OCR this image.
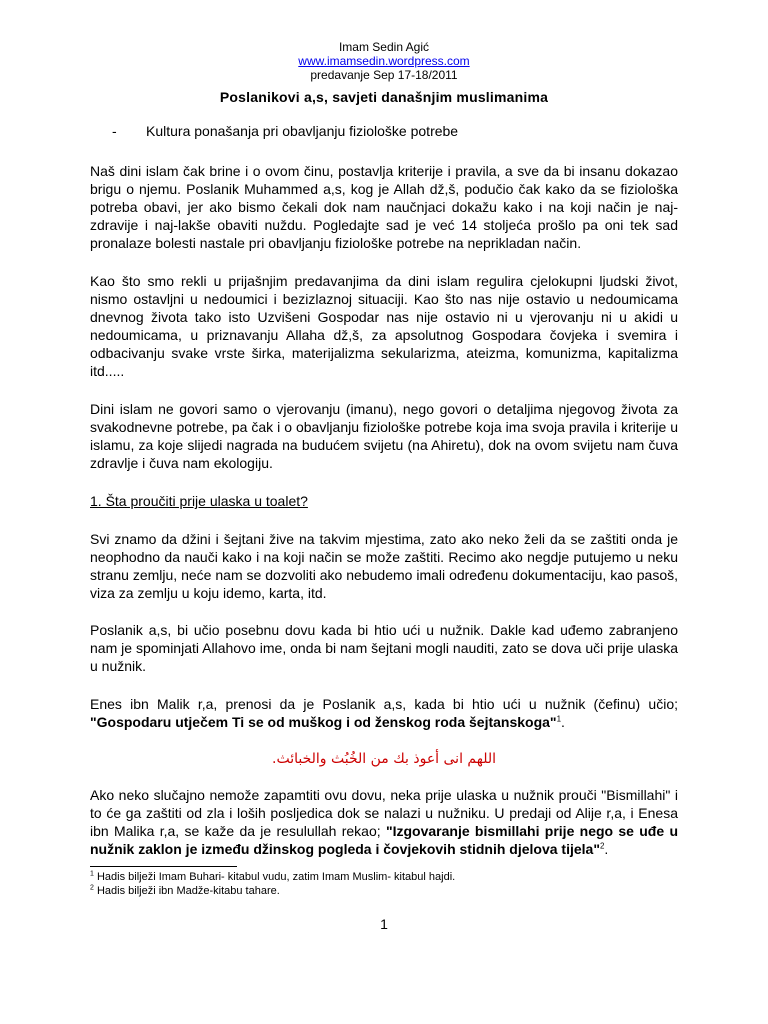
Imam Sedin Agić
www.imamsedin.wordpress.com
predavanje Sep 17-18/2011
Poslanikovi a,s, savjeti današnjim muslimanima
- Kultura ponašanja pri obavljanju fiziološke potrebe

Naš dini islam čak brine i o ovom činu, postavlja kriterije i pravila, a sve da bi insanu dokazao brigu o njemu. Poslanik Muhammed a,s, kog je Allah dž,š, podučio čak kako da se fiziološka potreba obavi, jer ako bismo čekali dok nam naučnjaci dokažu kako i na koji način je naj-zdravije i naj-lakše obaviti nuždu. Pogledajte sad je već 14 stoljeća prošlo pa oni tek sad pronalaze bolesti nastale pri obavljanju fiziološke potrebe na neprikladan način.

Kao što smo rekli u prijašnjim predavanjima da dini islam regulira cjelokupni ljudski život, nismo ostavljni u nedoumici i bezizlaznoj situaciji. Kao što nas nije ostavio u nedoumicama dnevnog života tako isto Uzvišeni Gospodar nas nije ostavio ni u vjerovanju ni u akidi u nedoumicama, u priznavanju Allaha dž,š, za apsolutnog Gospodara čovjeka i svemira i odbacivanju svake vrste širka, materijalizma sekularizma, ateizma, komunizma, kapitalizma itd.....

Dini islam ne govori samo o vjerovanju (imanu), nego govori o detaljima njegovog života za svakodnevne potrebe, pa čak i o obavljanju fiziološke potrebe koja ima svoja pravila i kriterije u islamu, za koje slijedi nagrada na budućem svijetu (na Ahiretu), dok na ovom svijetu nam čuva zdravlje i čuva nam ekologiju.

1. Šta proučiti prije ulaska u toalet?

Svi znamo da džini i šejtani žive na takvim mjestima, zato ako neko želi da se zaštiti onda je neophodno da nauči kako i na koji način se može zaštiti. Recimo ako negdje putujemo u neku stranu zemlju, neće nam se dozvoliti ako nebudemo imali određenu dokumentaciju, kao pasoš, viza za zemlju u koju idemo, karta, itd.

Poslanik a,s, bi učio posebnu dovu kada bi htio ući u nužnik. Dakle kad uđemo zabranjeno nam je spominjati Allahovo ime, onda bi nam šejtani mogli nauditi, zato se dova uči prije ulaska u nužnik.

Enes ibn Malik r,a, prenosi da je Poslanik a,s, kada bi htio ući u nužnik (čefinu) učio; "Gospodaru utječem Ti se od muškog i od ženskog roda šejtanskoga"$^1$.

اللهم انى أعوذ بك من الخُبُث والخبائث.

Ako neko slučajno nemože zapamtiti ovu dovu, neka prije ulaska u nužnik prouči "Bismillahi" i to će ga zaštiti od zla i loših posljedica dok se nalazi u nužniku. U predaji od Alije r,a, i Enesa ibn Malika r,a, se kaže da je resulullah rekao; "Izgovaranje bismillahi prije nego se uđe u nužnik zaklon je između džinskog pogleda i čovjekovih stidnih djelova tijela"$^2$.

$^1$ Hadis bilježi Imam Buhari- kitabul vudu, zatim Imam Muslim- kitabul hajdi.
$^2$ Hadis bilježi ibn Madže-kitabu tahare.
1
